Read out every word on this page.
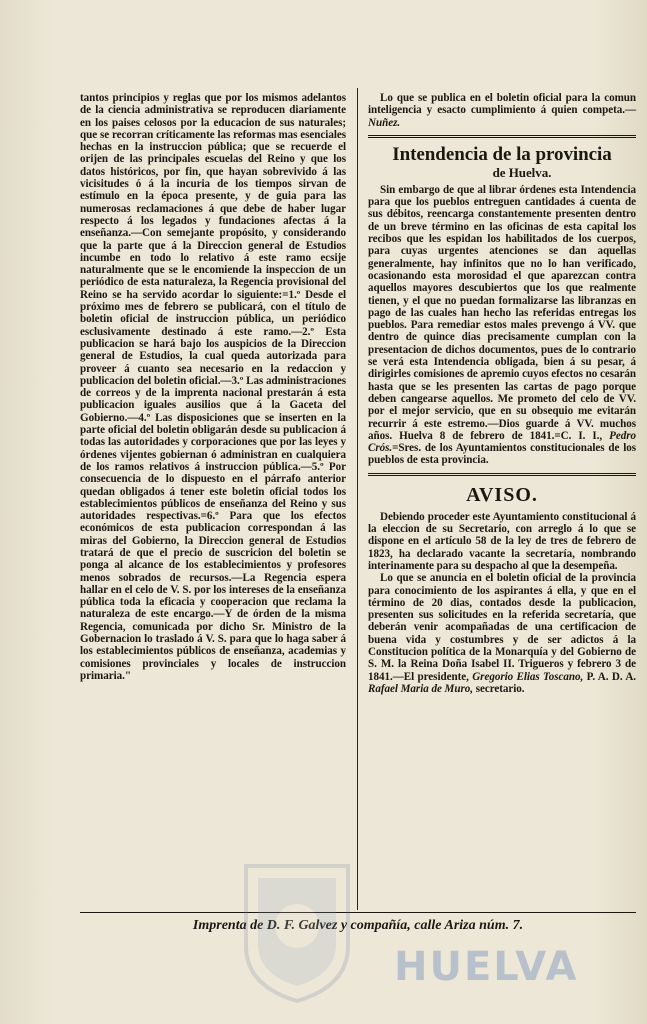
tantos principios y reglas que por los mismos adelantos de la ciencia administrativa se reproducen diariamente en los paises celosos por la educacion de sus naturales; que se recorran críticamente las reformas mas esenciales hechas en la instruccion pública; que se recuerde el orijen de las principales escuelas del Reino y que los datos históricos, por fin, que hayan sobrevivido á las vicisitudes ó á la incuria de los tiempos sirvan de estímulo en la época presente, y de guia para las numerosas reclamaciones á que debe de haber lugar respecto á los legados y fundaciones afectas á la enseñanza.—Con semejante propósito, y considerando que la parte que á la Direccion general de Estudios incumbe en todo lo relativo á este ramo ecsije naturalmente que se le encomiende la inspeccion de un periódico de esta naturaleza, la Regencia provisional del Reino se ha servido acordar lo siguiente:=1.º Desde el próximo mes de febrero se publicará, con el título de boletin oficial de instruccion pública, un periódico esclusivamente destinado á este ramo.—2.º Esta publicacion se hará bajo los auspicios de la Direccion general de Estudios, la cual queda autorizada para proveer á cuanto sea necesario en la redaccion y publicacion del boletin oficial.—3.º Las administraciones de correos y de la imprenta nacional prestarán á esta publicacion iguales ausilios que á la Gaceta del Gobierno.—4.º Las disposiciones que se inserten en la parte oficial del boletin obligarán desde su publicacion á todas las autoridades y corporaciones que por las leyes y órdenes vijentes gobiernan ó administran en cualquiera de los ramos relativos á instruccion pública.—5.º Por consecuencia de lo dispuesto en el párrafo anterior quedan obligados á tener este boletin oficial todos los establecimientos públicos de enseñanza del Reino y sus autoridades respectivas.=6.º Para que los efectos económicos de esta publicacion correspondan á las miras del Gobierno, la Direccion general de Estudios tratará de que el precio de suscricion del boletin se ponga al alcance de los establecimientos y profesores menos sobrados de recursos.—La Regencia espera hallar en el celo de V. S. por los intereses de la enseñanza pública toda la eficacia y cooperacion que reclama la naturaleza de este encargo.—Y de órden de la misma Regencia, comunicada por dicho Sr. Ministro de la Gobernacion lo traslado á V. S. para que lo haga saber á los establecimientos públicos de enseñanza, academias y comisiones provinciales y locales de instruccion primaria."

Lo que se publica en el boletin oficial para la comun inteligencia y esacto cumplimiento á quien competa.—Nuñez.

Intendencia de la provincia
de Huelva.

Sin embargo de que al librar órdenes esta Intendencia para que los pueblos entreguen cantidades á cuenta de sus débitos, reencarga constantemente presenten dentro de un breve término en las oficinas de esta capital los recibos que les espidan los habilitados de los cuerpos, para cuyas urgentes atenciones se dan aquellas generalmente, hay infinitos que no lo han verificado, ocasionando esta morosidad el que aparezcan contra aquellos mayores descubiertos que los que realmente tienen, y el que no puedan formalizarse las libranzas en pago de las cuales han hecho las referidas entregas los pueblos. Para remediar estos males prevengo á VV. que dentro de quince dias precisamente cumplan con la presentacion de dichos documentos, pues de lo contrario se verá esta Intendencia obligada, bien á su pesar, á dirigirles comisiones de apremio cuyos efectos no cesarán hasta que se les presenten las cartas de pago porque deben cangearse aquellos. Me prometo del celo de VV. por el mejor servicio, que en su obsequio me evitarán recurrir á este estremo.—Dios guarde á VV. muchos años. Huelva 8 de febrero de 1841.=C. I. I., Pedro Crós.=Sres. de los Ayuntamientos constitucionales de los pueblos de esta provincia.

AVISO.

Debiendo proceder este Ayuntamiento constitucional á la eleccion de su Secretario, con arreglo á lo que se dispone en el artículo 58 de la ley de tres de febrero de 1823, ha declarado vacante la secretaría, nombrando interinamente para su despacho al que la desempeña.

Lo que se anuncia en el boletin oficial de la provincia para conocimiento de los aspirantes á ella, y que en el término de 20 dias, contados desde la publicacion, presenten sus solicitudes en la referida secretaría, que deberán venir acompañadas de una certificacion de buena vida y costumbres y de ser adictos á la Constitucion política de la Monarquía y del Gobierno de S. M. la Reina Doña Isabel II. Trigueros y febrero 3 de 1841.—El presidente, Gregorio Elias Toscano, P. A. D. A. Rafael Maria de Muro, secretario.

Imprenta de D. F. Galvez y compañía, calle Ariza núm. 7.
HUELVA
